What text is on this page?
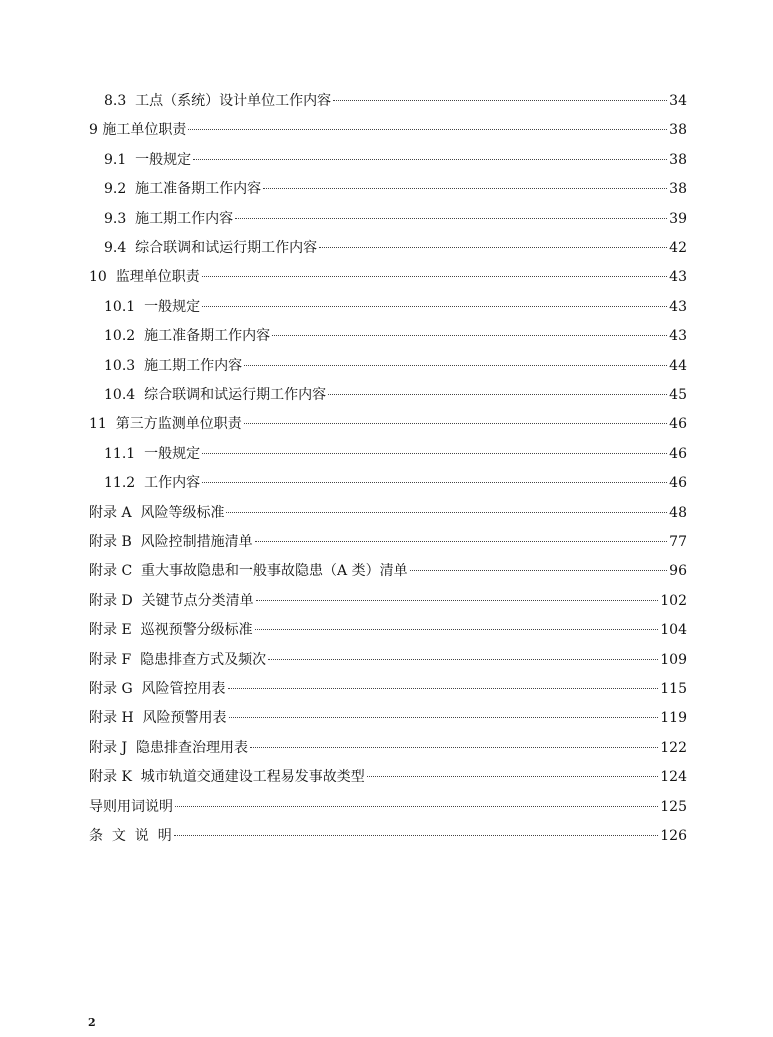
8.3  工点（系统）设计单位工作内容	34
9 施工单位职责	38
9.1  一般规定	38
9.2  施工准备期工作内容	38
9.3  施工期工作内容	39
9.4  综合联调和试运行期工作内容	42
10  监理单位职责	43
10.1  一般规定	43
10.2  施工准备期工作内容	43
10.3  施工期工作内容	44
10.4  综合联调和试运行期工作内容	45
11  第三方监测单位职责	46
11.1  一般规定	46
11.2  工作内容	46
附录 A  风险等级标准	48
附录 B  风险控制措施清单	77
附录 C  重大事故隐患和一般事故隐患（A 类）清单	96
附录 D  关键节点分类清单	102
附录 E  巡视预警分级标准	104
附录 F  隐患排查方式及频次	109
附录 G  风险管控用表	115
附录 H  风险预警用表	119
附录 J  隐患排查治理用表	122
附录 K  城市轨道交通建设工程易发事故类型	124
导则用词说明	125
条  文  说  明	126
2
